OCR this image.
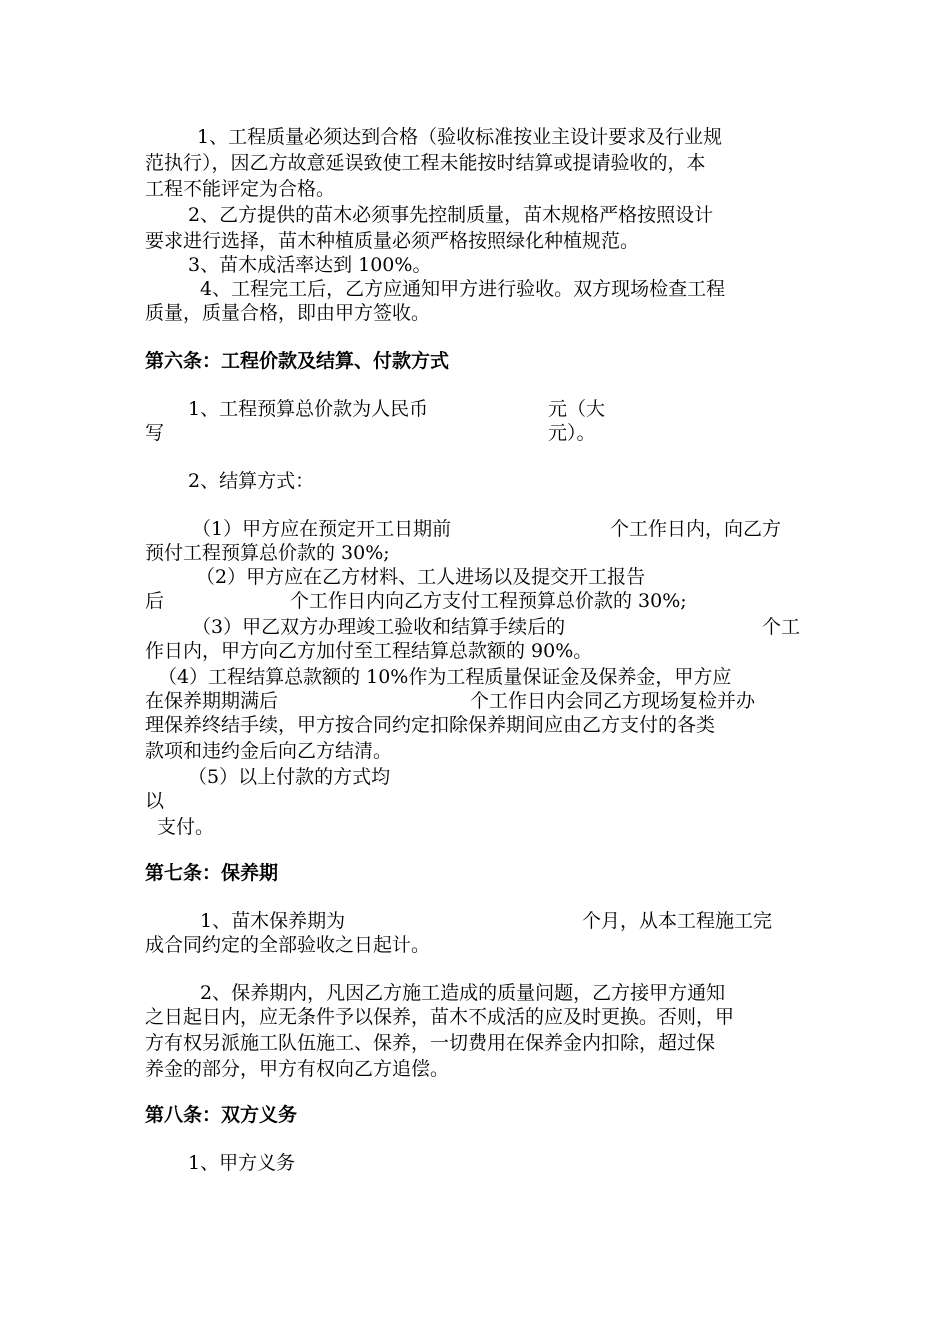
1、工程质量必须达到合格（验收标准按业主设计要求及行业规
范执行），因乙方故意延误致使工程未能按时结算或提请验收的，本
工程不能评定为合格。
2、乙方提供的苗木必须事先控制质量，苗木规格严格按照设计
要求进行选择，苗木种植质量必须严格按照绿化种植规范。
3、苗木成活率达到 100%。
4、工程完工后，乙方应通知甲方进行验收。双方现场检查工程
质量，质量合格，即由甲方签收。
第六条：工程价款及结算、付款方式
1、工程预算总价款为人民币	元（大
写	元）。
2、结算方式：
（1）甲方应在预定开工日期前	个工作日内，向乙方
预付工程预算总价款的 30%;
（2）甲方应在乙方材料、工人进场以及提交开工报告
后	个工作日内向乙方支付工程预算总价款的 30%;
（3）甲乙双方办理竣工验收和结算手续后的	个工
作日内，甲方向乙方加付至工程结算总款额的 90%。
（4）工程结算总款额的 10%作为工程质量保证金及保养金，甲方应
在保养期期满后	个工作日内会同乙方现场复检并办
理保养终结手续，甲方按合同约定扣除保养期间应由乙方支付的各类
款项和违约金后向乙方结清。
（5）以上付款的方式均
以
支付。
第七条：保养期
1、苗木保养期为	个月，从本工程施工完
成合同约定的全部验收之日起计。
2、保养期内，凡因乙方施工造成的质量问题，乙方接甲方通知
之日起日内，应无条件予以保养，苗木不成活的应及时更换。否则，甲
方有权另派施工队伍施工、保养，一切费用在保养金内扣除，超过保
养金的部分，甲方有权向乙方追偿。
第八条：双方义务
1、甲方义务
